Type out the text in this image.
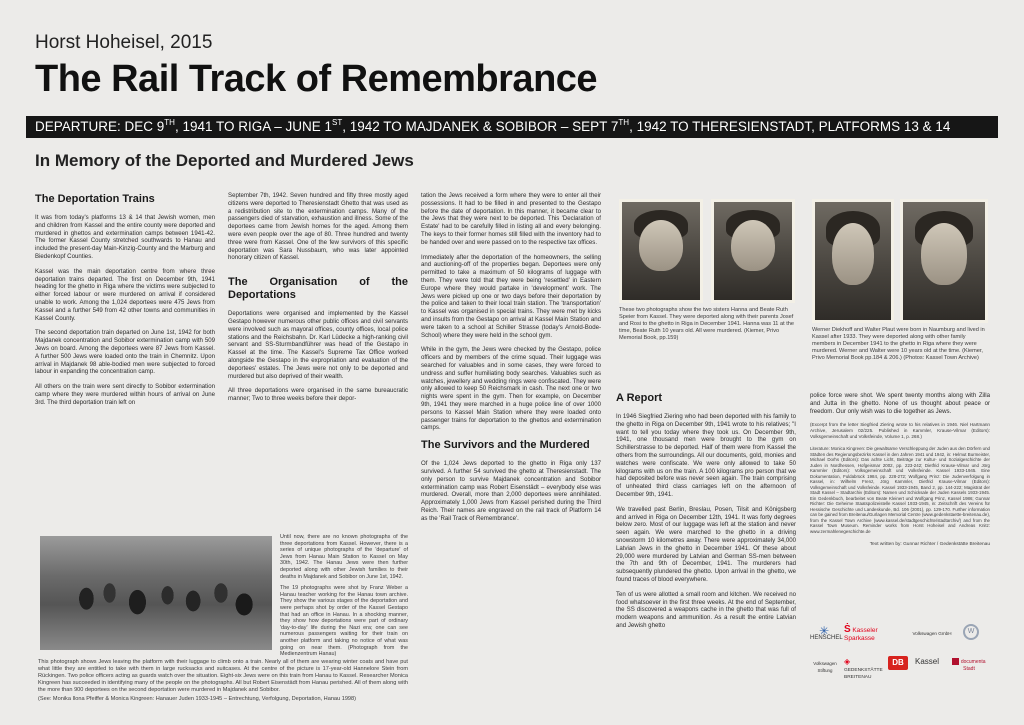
Horst Hoheisel, 2015
The Rail Track of Remembrance
DEPARTURE: DEC 9TH, 1941 TO RIGA – JUNE 1ST, 1942 TO MAJDANEK & SOBIBOR – SEPT 7TH, 1942 TO THERESIENSTADT, PLATFORMS 13 & 14
In Memory of the Deported and Murdered Jews
The Deportation Trains

It was from today's platforms 13 & 14 that Jewish women, men and children from Kassel and the entire county were deported and murdered in ghettos and extermination camps between 1941-42. The former Kassel County stretched southwards to Hanau and included the present-day Main-Kinzig-County and the Marburg and Biedenkopf Counties.

Kassel was the main deportation centre from where three deportation trains departed. The first on December 9th, 1941 heading for the ghetto in Riga where the victims were subjected to either forced labour or were murdered on arrival if considered unable to work. Among the 1,024 deportees were 475 Jews from Kassel and a further 549 from 42 other towns and communities in Kassel County.

The second deportation train departed on June 1st, 1942 for both Majdanek concentration and Sobibor extermination camp with 509 Jews on board. Among the deportees were 87 Jews from Kassel. A further 500 Jews were loaded onto the train in Chemnitz. Upon arrival in Majdanek 98 able-bodied men were subjected to forced labour in expanding the concentration camp.

All others on the train were sent directly to Sobibor extermination camp where they were murdered within hours of arrival on June 3rd. The third deportation train left on

September 7th, 1942. Seven hundred and fifty three mostly aged citizens were deported to Theresienstadt Ghetto that was used as a redistribution site to the extermination camps. Many of the passengers died of starvation, exhaustion and illness. Some of the deportees came from Jewish homes for the aged. Among them were even people over the age of 80. Three hundred and twenty three were from Kassel. One of the few survivors of this specific deportation was Sara Nussbaum, who was later appointed honorary citizen of Kassel.

The Organisation of the Deportations

Deportations were organised and implemented by the Kassel Gestapo however numerous other public offices and civil servants were involved such as mayoral offices, county offices, local police stations and the Reichsbahn. Dr. Karl Lüdecke a high-ranking civil servant and SS-Sturmbandführer was head of the Gestapo in Kassel at the time. The Kassel's Supreme Tax Office worked alongside the Gestapo in the expropriation and evaluation of the deportees' estates. The Jews were not only to be deported and murdered but also deprived of their wealth.

All three deportations were organised in the same bureaucratic manner; Two to three weeks before their depor-

tation the Jews received a form where they were to enter all their possessions. It had to be filled in and presented to the Gestapo before the date of deportation. In this manner, it became clear to the Jews that they were next to be deported. This 'Declaration of Estate' had to be carefully filled in listing all and every belonging. The keys to their former homes still filled with the inventory had to be handed over and were passed on to the respective tax offices.

Immediately after the deportation of the homeowners, the selling and auctioning-off of the properties began. Deportees were only permitted to take a maximum of 50 kilograms of luggage with them. They were told that they were being 'resettled' in Eastern Europe where they would partake in 'development' work. The Jews were picked up one or two days before their deportation by the police and taken to their local train station. The 'transportation' to Kassel was organised in special trains. They were met by kicks and insults from the Gestapo on arrival at Kassel Main Station and were taken to a school at Schiller Strasse (today's Arnold-Bode-School) where they were held in the school gym.

While in the gym, the Jews were checked by the Gestapo, police officers and by members of the crime squad. Their luggage was searched for valuables and in some cases, they were forced to undress and suffer humiliating body searches. Valuables such as watches, jewellery and wedding rings were confiscated. They were only allowed to keep 50 Reichsmark in cash. The next one or two nights were spent in the gym. Then for example, on December 9th, 1941 they were marched in a huge police line of over 1000 persons to Kassel Main Station where they were loaded onto passenger trains for deportation to the ghettos and extermination camps.

The Survivors and the Murdered

Of the 1,024 Jews deported to the ghetto in Riga only 137 survived. A further 54 survived the ghetto at Theresienstadt. The only person to survive Majdanek concentration and Sobibor extermination camp was Robert Eisenstädt – everybody else was murdered. Overall, more than 2,000 deportees were annihilated. Approximately 1,000 Jews from Kassel perished during the Third Reich. Their names are engraved on the rail track of Platform 14 as the 'Rail Track of Remembrance'.

Until now, there are no known photographs of the three deportations from Kassel. However, there is a series of unique photographs of the 'departure' of Jews from Hanau Main Station to Kassel on May 30th, 1942. The Hanau Jews were then further deported along with other Jewish families to their deaths in Majdanek and Sobibor on June 1st, 1942.

The 19 photographs were shot by Franz Weber a Hanau teacher working for the Hanau town archive. They show the various stages of the deportation and were perhaps shot by order of the Kassel Gestapo that had an office in Hanau. In a shocking manner, they show how deportations were part of ordinary 'day-to-day' life during the Nazi era; one can see numerous passengers waiting for their train on another platform and taking no notice of what was going on near them. (Photograph from the Medienzentrum Hanau)

This photograph shows Jews leaving the platform with their luggage to climb onto a train. Nearly all of them are wearing winter coats and have put what little they are entitled to take with them in large rucksacks and suitcases. At the centre of the picture is 17-year-old Hannelore Stein from Rückingen. Two police officers acting as guards watch over the situation. Eight-six Jews were on this train from Hanau to Kassel. Researcher Monica Kingreen has succeeded in identifying many of the people on the photographs. All but Robert Eisenstädt from Hanau perished. All of them along with the more than 900 deportees on the second deportation were murdered in Majdanek and Sobibor.

(See: Monika Ilona Pfeiffer & Monica Kingreen: Hanauer Juden 1933-1945 – Entrechtung, Verfolgung, Deportation, Hanau 1998)

These two photographs show the two sisters Hanna and Beate Ruth Speier from Kassel. They were deported along with their parents Josef and Rosi to the ghetto in Riga in December 1941. Hanna was 11 at the time, Beate Ruth 10 years old. All were murdered. (Kiemer, Privo Memorial Book, pp.159)
Werner Diekhoff and Walter Plaut were born in Naumburg and lived in Kassel after 1933. They were deported along with other family members in December 1941 to the ghetto in Riga where they were murdered. Werner and Walter were 10 years old at the time. (Kiemer, Privo Memorial Book pp.184 & 206.) (Photos: Kassel Town Archive)
A Report

In 1946 Siegfried Ziering who had been deported with his family to the ghetto in Riga on December 9th, 1941 wrote to his relatives; "I want to tell you today where they took us. On December 9th, 1941, one thousand men were brought to the gym on Schillerstrasse to be deported. Half of them were from Kassel the others from the surroundings. All our documents, gold, monies and watches were confiscate. We were only allowed to take 50 kilograms with us on the train. A 100 kilograms pro person that we had deposited before was never seen again. The train comprising of unheated third class carriages left on the afternoon of December 9th, 1941.

We travelled past Berlin, Breslau, Posen, Tilsit and Königsberg and arrived in Riga on December 12th, 1941. It was forty degrees below zero. Most of our luggage was left at the station and never seen again. We were marched to the ghetto in a driving snowstorm 10 kilometres away. There were approximately 34,000 Latvian Jews in the ghetto in December 1941. Of these about 29,000 were murdered by Latvian and German SS-men between the 7th and 9th of December, 1941. The murderers had subsequently plundered the ghetto. Upon arrival in the ghetto, we found traces of blood everywhere.

Ten of us were allotted a small room and kitchen. We received no food whatsoever in the first three weeks. At the end of September, the SS discovered a weapons cache in the ghetto that was full of modern weapons and ammunition. As a result the entire Latvian and Jewish ghetto

police force were shot. We spent twenty months along with Zilla and Jutta in the ghetto. None of us thought about peace or freedom. Our only wish was to die together as Jews.

(Excerpt from the letter Siegfried Ziering wrote to his relatives in 1946. Niel Hartmann Archive, Jerusalem 02/225. Published in Kammler, Krause-Vilmar (Editors): Volksgemeinschaft und Volksfeinde, Volume 1, p. 268.)

Literature: Monica Kingreen: Die gewaltsame Verschleppung der Juden aus den Dörfern und Städten des Regierungsbezirks Kassel in den Jahren 1941 und 1942, in: Helmut Burmeister, Michael Dorhs (Editors): Das achte Licht, Beiträge zur Kultur- und Sozialgeschichte der Juden in Nordhessen, Hofgeismar 2002, pp. 223-242; Dietfrid Krause-Vilmar und Jörg Kammler (Editors): Volksgemeinschaft und Volksfeinde. Kassel 1933-1945. Eine Dokumentation, Fuldabrück 1984, pp. 228-272; Wolfgang Prinz: Die Judenverfolgung in Kassel, in: Wilhelm Frenz, Jörg Kammler, Dietfrid Krause-Vilmar (Editors): Volksgemeinschaft und Volksfeinde. Kassel 1933-1945, Band 2, pp. 144-222; Magistrat der Stadt Kassel – Stadtarchiv (Editors): Namen und Schicksale der Juden Kassels 1933-1945. Ein Gedenkbuch, bearbeitet von Beate Kleinert und Wolfgang Prinz, Kassel 1986; Gunnar Richter: Die Geheime Staatspolizeistelle Kassel 1933-1945, in: Zeitschrift des Vereins für Hessische Geschichte und Landeskunde, Bd. 106 (2001), pp. 129-170. Further information can be gained from Breitenau/Gurlagen Memorial Centre (www.gedenkstaette-breitenau.de), from the Kassel Town Archive (www.kassel.de/stadtgeschichte/stadtarchiv/) and from the Kassel Town Museum. Reminder works from Horst Hoheisel and Andreas Knitz: www.zermahlenegeschichte.de

Text written by: Gunnar Richter / Gedenkstätte Breitenau

✳
HENSCHEL
Ṡ Kasseler Sparkasse
Volkswagen GmbH	W
Volkswagen Stiftung
◈ GEDENKSTÄTTE BREITENAU
DB	Kassel	documenta Stadt
